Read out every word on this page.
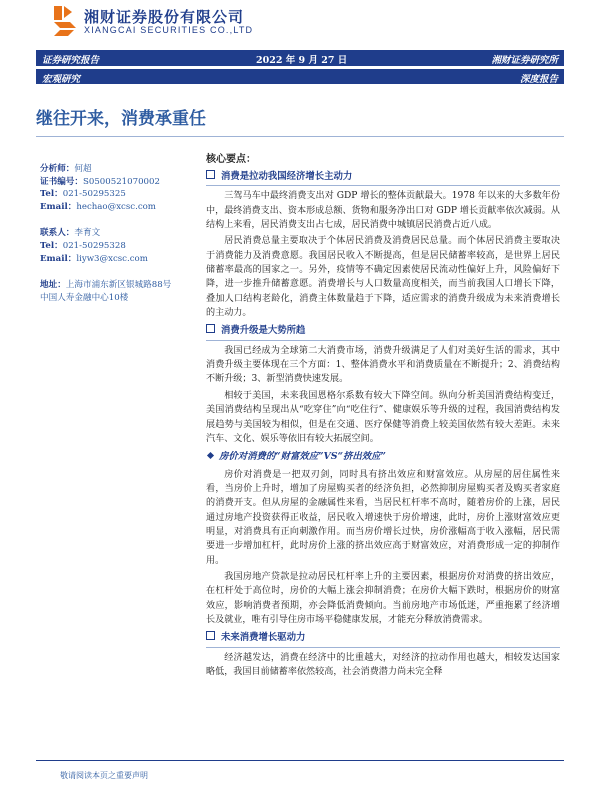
湘财证券股份有限公司
XIANGCAI SECURITIES CO.,LTD
证券研究报告	2022 年 9 月 27 日	湘财证券研究所
宏观研究	深度报告
继往开来，消费承重任
分析师：何超
证书编号：S0500521070002
Tel：021-50295325
Email：hechao@xcsc.com
联系人：李育文
Tel：021-50295328
Email：liyw3@xcsc.com
地址：上海市浦东新区银城路88号
中国人寿金融中心10楼
核心要点：
消费是拉动我国经济增长主动力

三驾马车中最终消费支出对 GDP 增长的整体贡献最大。1978 年以来的大多数年份中，最终消费支出、资本形成总额、货物和服务净出口对 GDP 增长贡献率依次减弱。从结构上来看，居民消费支出占七成，居民消费中城镇居民消费占近八成。

居民消费总量主要取决于个体居民消费及消费居民总量。而个体居民消费主要取决于消费能力及消费意愿。我国居民收入不断提高，但是居民储蓄率较高，是世界上居民储蓄率最高的国家之一。另外，疫情等不确定因素使居民流动性偏好上升，风险偏好下降，进一步推升储蓄意愿。消费增长与人口数量高度相关，而当前我国人口增长下降，叠加人口结构老龄化，消费主体数量趋于下降，适应需求的消费升级成为未来消费增长的主动力。

消费升级是大势所趋

我国已经成为全球第二大消费市场，消费升级满足了人们对美好生活的需求，其中消费升级主要体现在三个方面：1、整体消费水平和消费质量在不断提升；2、消费结构不断升级；3、新型消费快速发展。

相较于美国，未来我国恩格尔系数有较大下降空间。纵向分析美国消费结构变迁，美国消费结构呈现出从“吃穿住”向“吃住行”、健康娱乐等升级的过程，我国消费结构发展趋势与美国较为相似，但是在交通、医疗保健等消费上较美国依然有较大差距。未来汽车、文化、娱乐等依旧有较大拓展空间。

房价对消费的“财富效应”VS“挤出效应”

房价对消费是一把双刃剑，同时具有挤出效应和财富效应。从房屋的居住属性来看，当房价上升时，增加了房屋购买者的经济负担，必然抑制房屋购买者及购买者家庭的消费开支。但从房屋的金融属性来看，当居民杠杆率不高时，随着房价的上涨，居民通过房地产投资获得正收益，居民收入增速快于房价增速，此时，房价上涨财富效应更明显，对消费具有正向刺激作用。而当房价增长过快，房价涨幅高于收入涨幅，居民需要进一步增加杠杆，此时房价上涨的挤出效应高于财富效应，对消费形成一定的抑制作用。

我国房地产贷款是拉动居民杠杆率上升的主要因素，根据房价对消费的挤出效应，在杠杆处于高位时，房价的大幅上涨会抑制消费；在房价大幅下跌时，根据房价的财富效应，影响消费者预期，亦会降低消费倾向。当前房地产市场低迷，严重拖累了经济增长及就业，唯有引导住房市场平稳健康发展，才能充分释放消费需求。

未来消费增长驱动力

经济越发达，消费在经济中的比重越大，对经济的拉动作用也越大，相较发达国家略低，我国目前储蓄率依然较高，社会消费潜力尚未完全释

敬请阅读本页之重要声明
